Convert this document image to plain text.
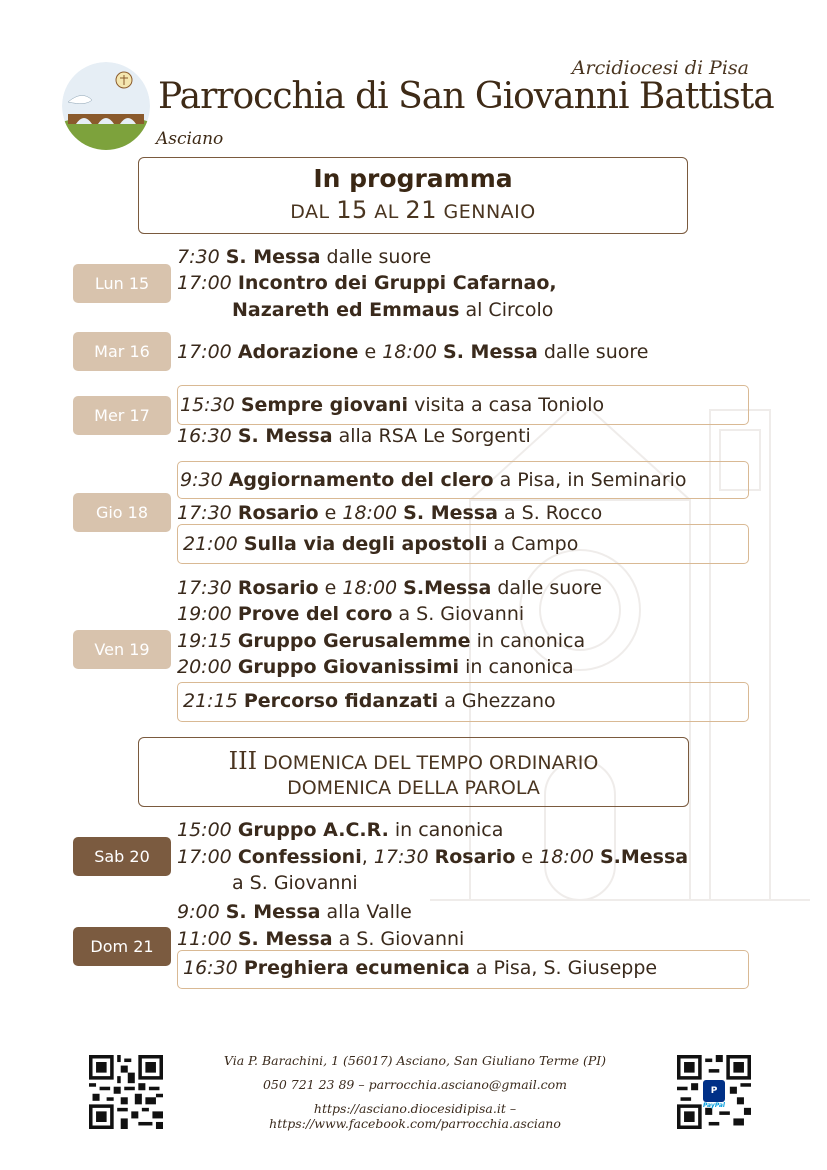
Arcidiocesi di Pisa
Parrocchia di San Giovanni Battista
Asciano
In programma
DAL 15 AL 21 GENNAIO
Lun 15
Mar 16
Mer 17
Gio 18
Ven 19
Sab 20
Dom 21
7:30 S. Messa dalle suore
17:00 Incontro dei Gruppi Cafarnao,
Nazareth ed Emmaus al Circolo
17:00 Adorazione e 18:00 S. Messa dalle suore
15:30 Sempre giovani visita a casa Toniolo
16:30 S. Messa alla RSA Le Sorgenti
9:30 Aggiornamento del clero a Pisa, in Seminario
17:30 Rosario e 18:00 S. Messa a S. Rocco
21:00 Sulla via degli apostoli a Campo
17:30 Rosario e 18:00 S.Messa dalle suore
19:00 Prove del coro a S. Giovanni
19:15 Gruppo Gerusalemme in canonica
20:00 Gruppo Giovanissimi in canonica
21:15 Percorso fidanzati a Ghezzano
III DOMENICA DEL TEMPO ORDINARIO
DOMENICA DELLA PAROLA
15:00 Gruppo A.C.R. in canonica
17:00 Confessioni, 17:30 Rosario e 18:00 S.Messa
a S. Giovanni
9:00 S. Messa alla Valle
11:00 S. Messa a S. Giovanni
16:30 Preghiera ecumenica a Pisa, S. Giuseppe
P
PayPal
Via P. Barachini, 1 (56017) Asciano, San Giuliano Terme (PI)
050 721 23 89 – parrocchia.asciano@gmail.com
https://asciano.diocesidipisa.it – https://www.facebook.com/parrocchia.asciano
